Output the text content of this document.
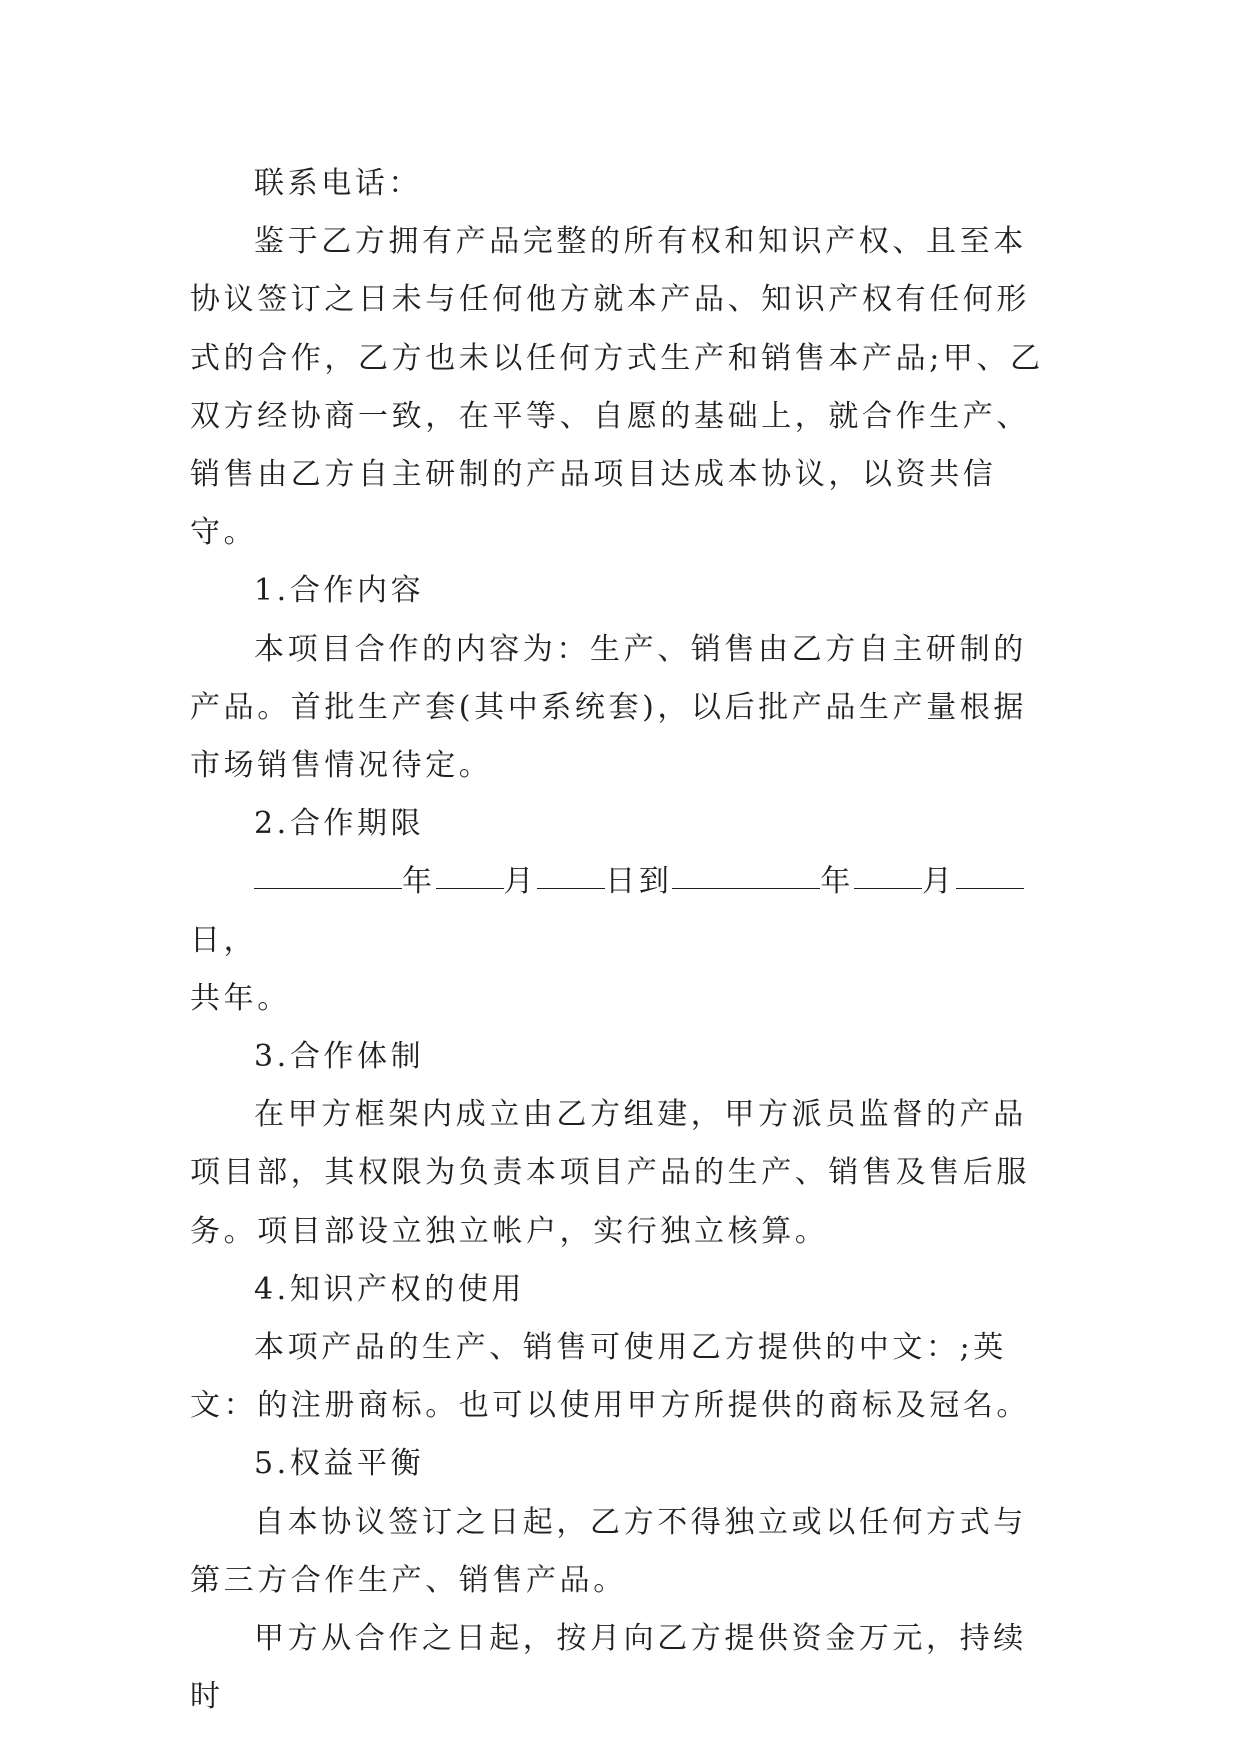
联系电话：

鉴于乙方拥有产品完整的所有权和知识产权、且至本协议签订之日未与任何他方就本产品、知识产权有任何形式的合作，乙方也未以任何方式生产和销售本产品;甲、乙双方经协商一致，在平等、自愿的基础上，就合作生产、销售由乙方自主研制的产品项目达成本协议，以资共信守。

1.合作内容

本项目合作的内容为：生产、销售由乙方自主研制的产品。首批生产套(其中系统套)，以后批产品生产量根据市场销售情况待定。

2.合作期限

年 月 日到	年 月日，

共年。

3.合作体制

在甲方框架内成立由乙方组建，甲方派员监督的产品项目部，其权限为负责本项目产品的生产、销售及售后服务。项目部设立独立帐户，实行独立核算。

4.知识产权的使用

本项产品的生产、销售可使用乙方提供的中文：;英文：的注册商标。也可以使用甲方所提供的商标及冠名。

5.权益平衡

自本协议签订之日起，乙方不得独立或以任何方式与第三方合作生产、销售产品。

甲方从合作之日起，按月向乙方提供资金万元，持续时
